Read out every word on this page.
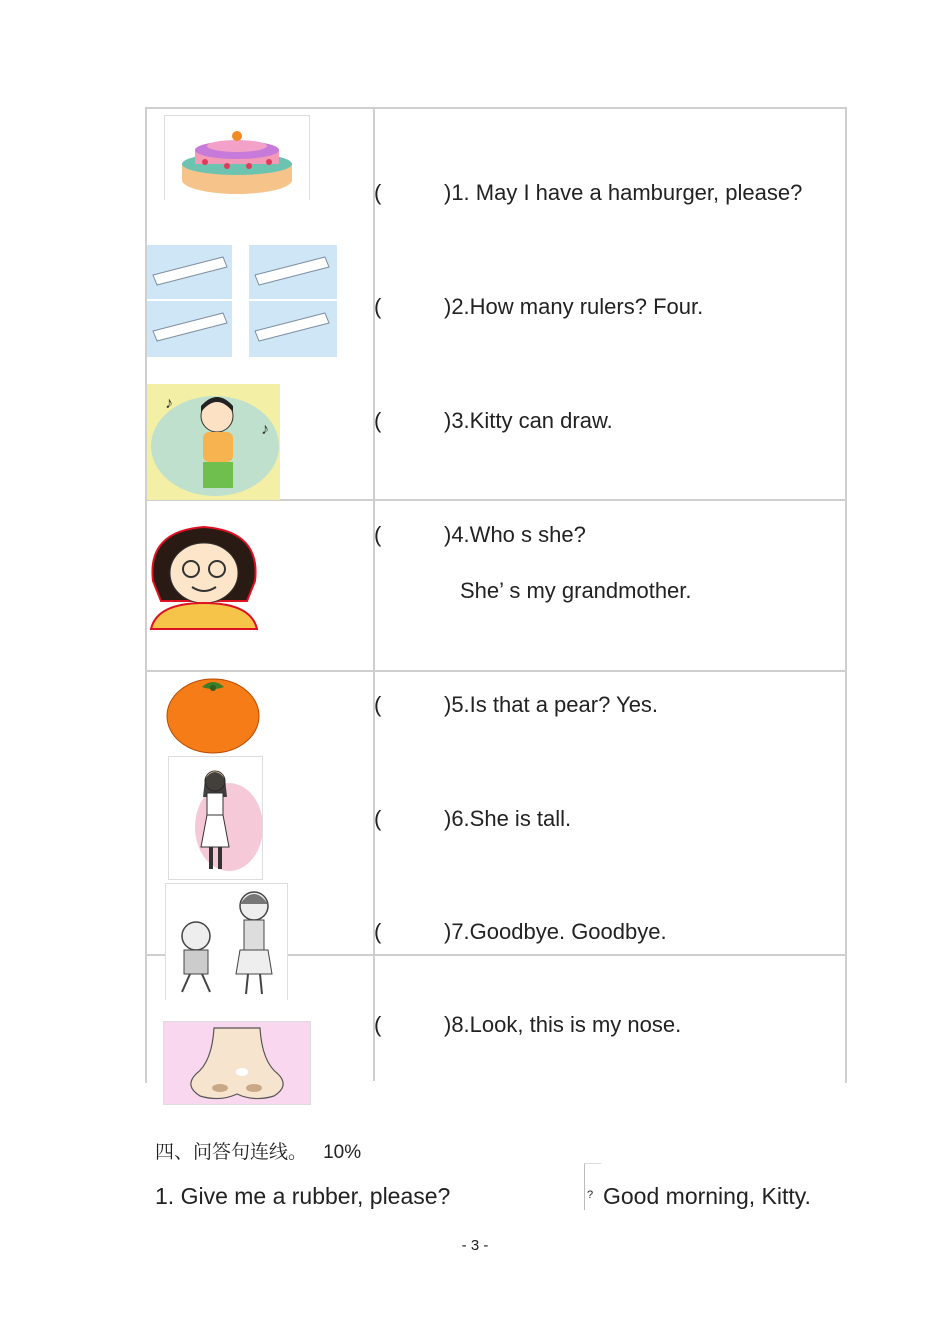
♪
♪
(	)1. May I have a hamburger, please?
(	)2.How many rulers? Four.
(	)3.Kitty can draw.
(	)4.Who s she?
She’ s my grandmother.
(	)5.Is that a pear? Yes.
(	)6.She is tall.
(	)7.Goodbye. Goodbye.
(	)8.Look, this is my nose.
四、问答句连线。 10%
1. Give me a rubber, please?	? Good morning, Kitty.
- 3 -
